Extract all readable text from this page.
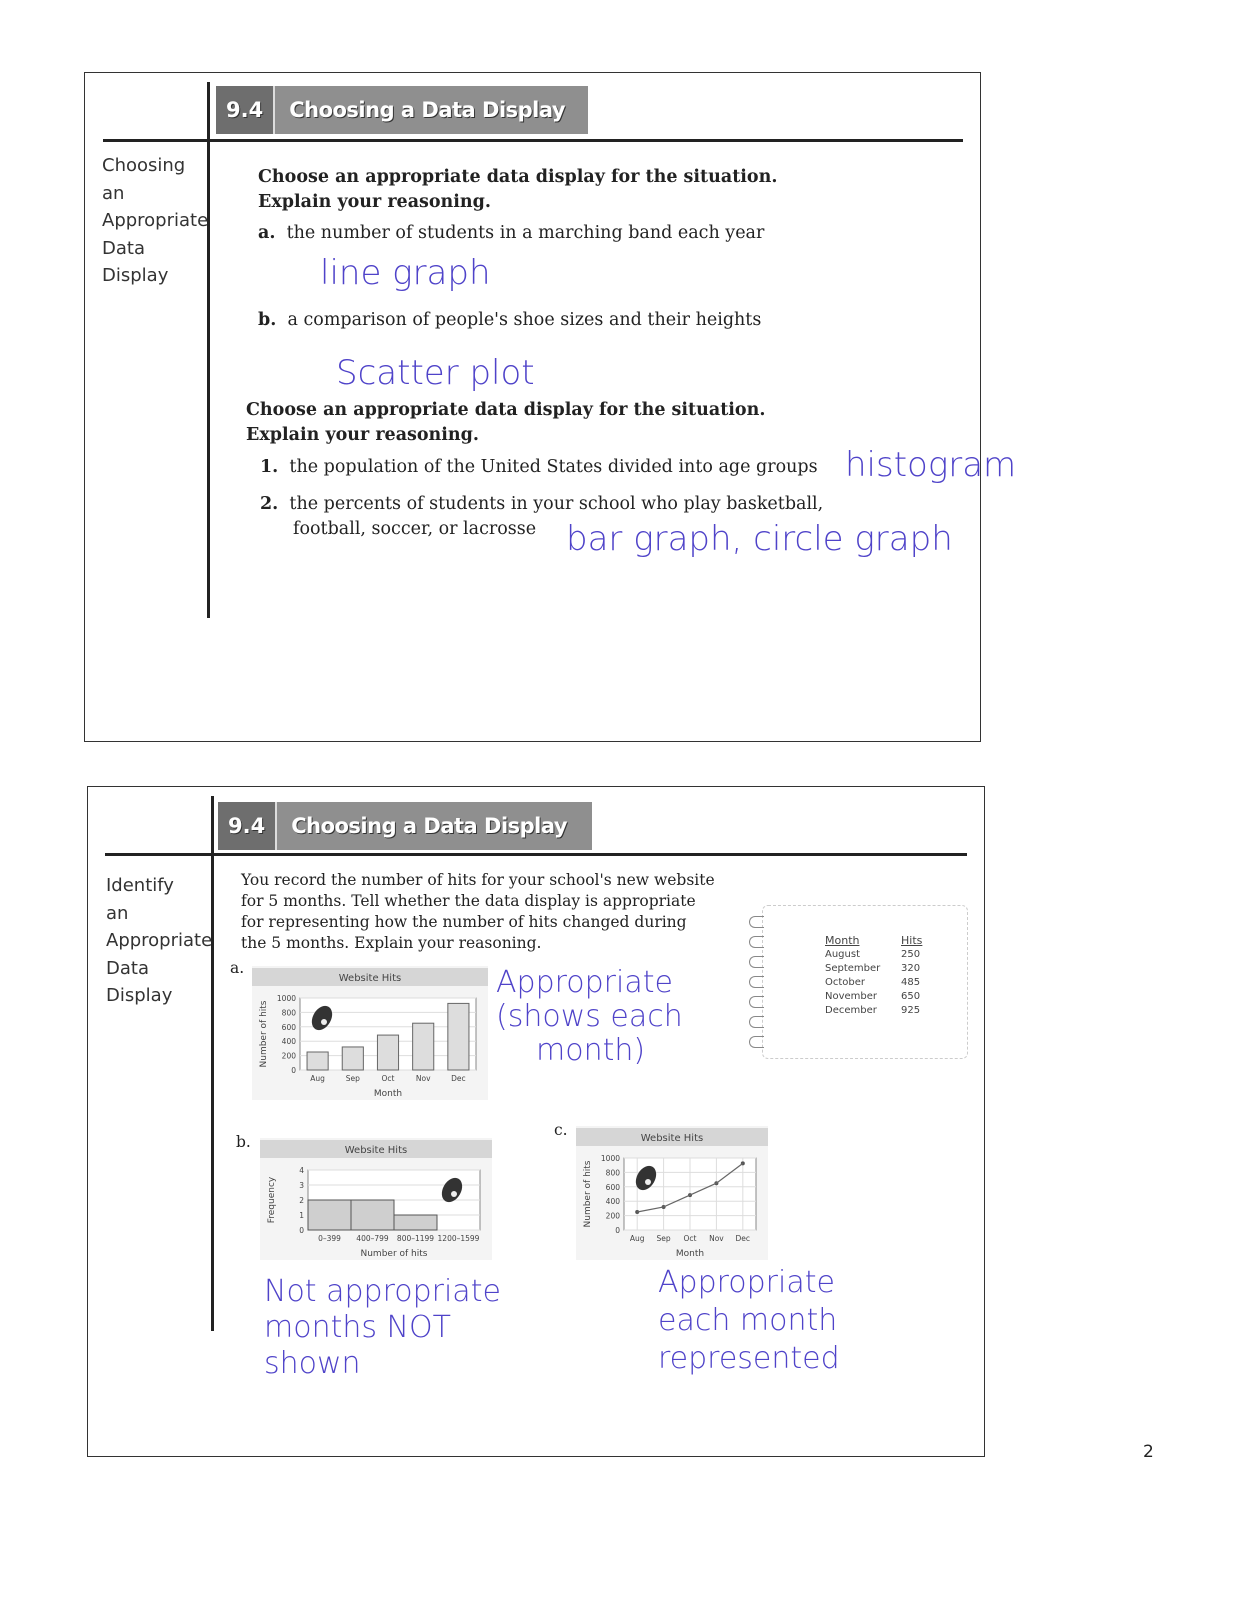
9.4	Choosing a Data Display
Choosing
an
Appropriate
Data
Display
Choose an appropriate data display for the situation. Explain your reasoning.
a. the number of students in a marching band each year
line graph
b. a comparison of people's shoe sizes and their heights
Scatter plot
Choose an appropriate data display for the situation. Explain your reasoning.
1. the population of the United States divided into age groups histogram
2. the percents of students in your school who play basketball,
football, soccer, or lacrosse bar graph, circle graph
9.4	Choosing a Data Display
Identify
an
Appropriate
Data
Display
You record the number of hits for your school's new website for 5 months. Tell whether the data display is appropriate for representing how the number of hits changed during the 5 months. Explain your reasoning.
a.
b.
c.
Website Hits
0
200
400
600
800
1000
Number of hits
Month
Aug	Sep	Oct	Nov	Dec
Website Hits
0
1
2
3
4
Frequency
Number of hits
0–399 400–799 800–1199 1200–1599
Website Hits
0
200
400
600
800
1000
Number of hits
Month
Aug Sep Oct Nov Dec
Month	Hits
August	250
September	320
October	485
November	650
December	925
Appropriate
(shows each
month)
Not appropriate
months NOT
shown
Appropriate
each month
represented
2
